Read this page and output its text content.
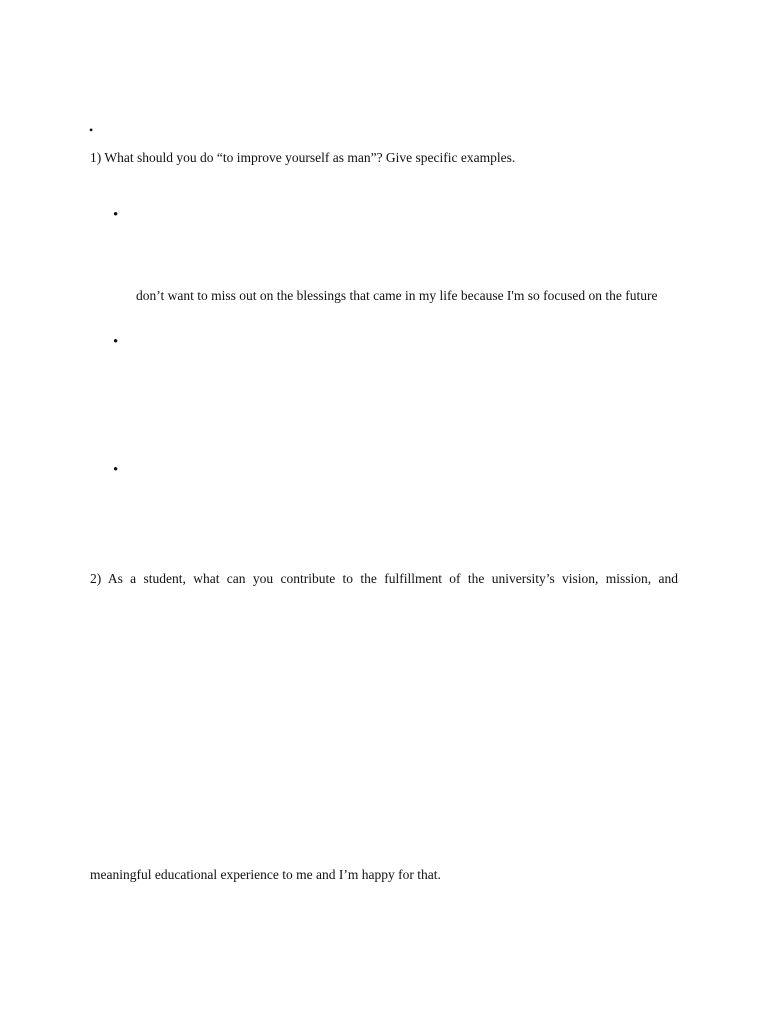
•
1) What should you do “to improve yourself as man”? Give specific examples.
•
don’t want to miss out on the blessings that came in my life because I'm so focused on the future
•
•
2) As a student, what can you contribute to the fulfillment of the university’s vision, mission, and
meaningful educational experience to me and I’m happy for that.
